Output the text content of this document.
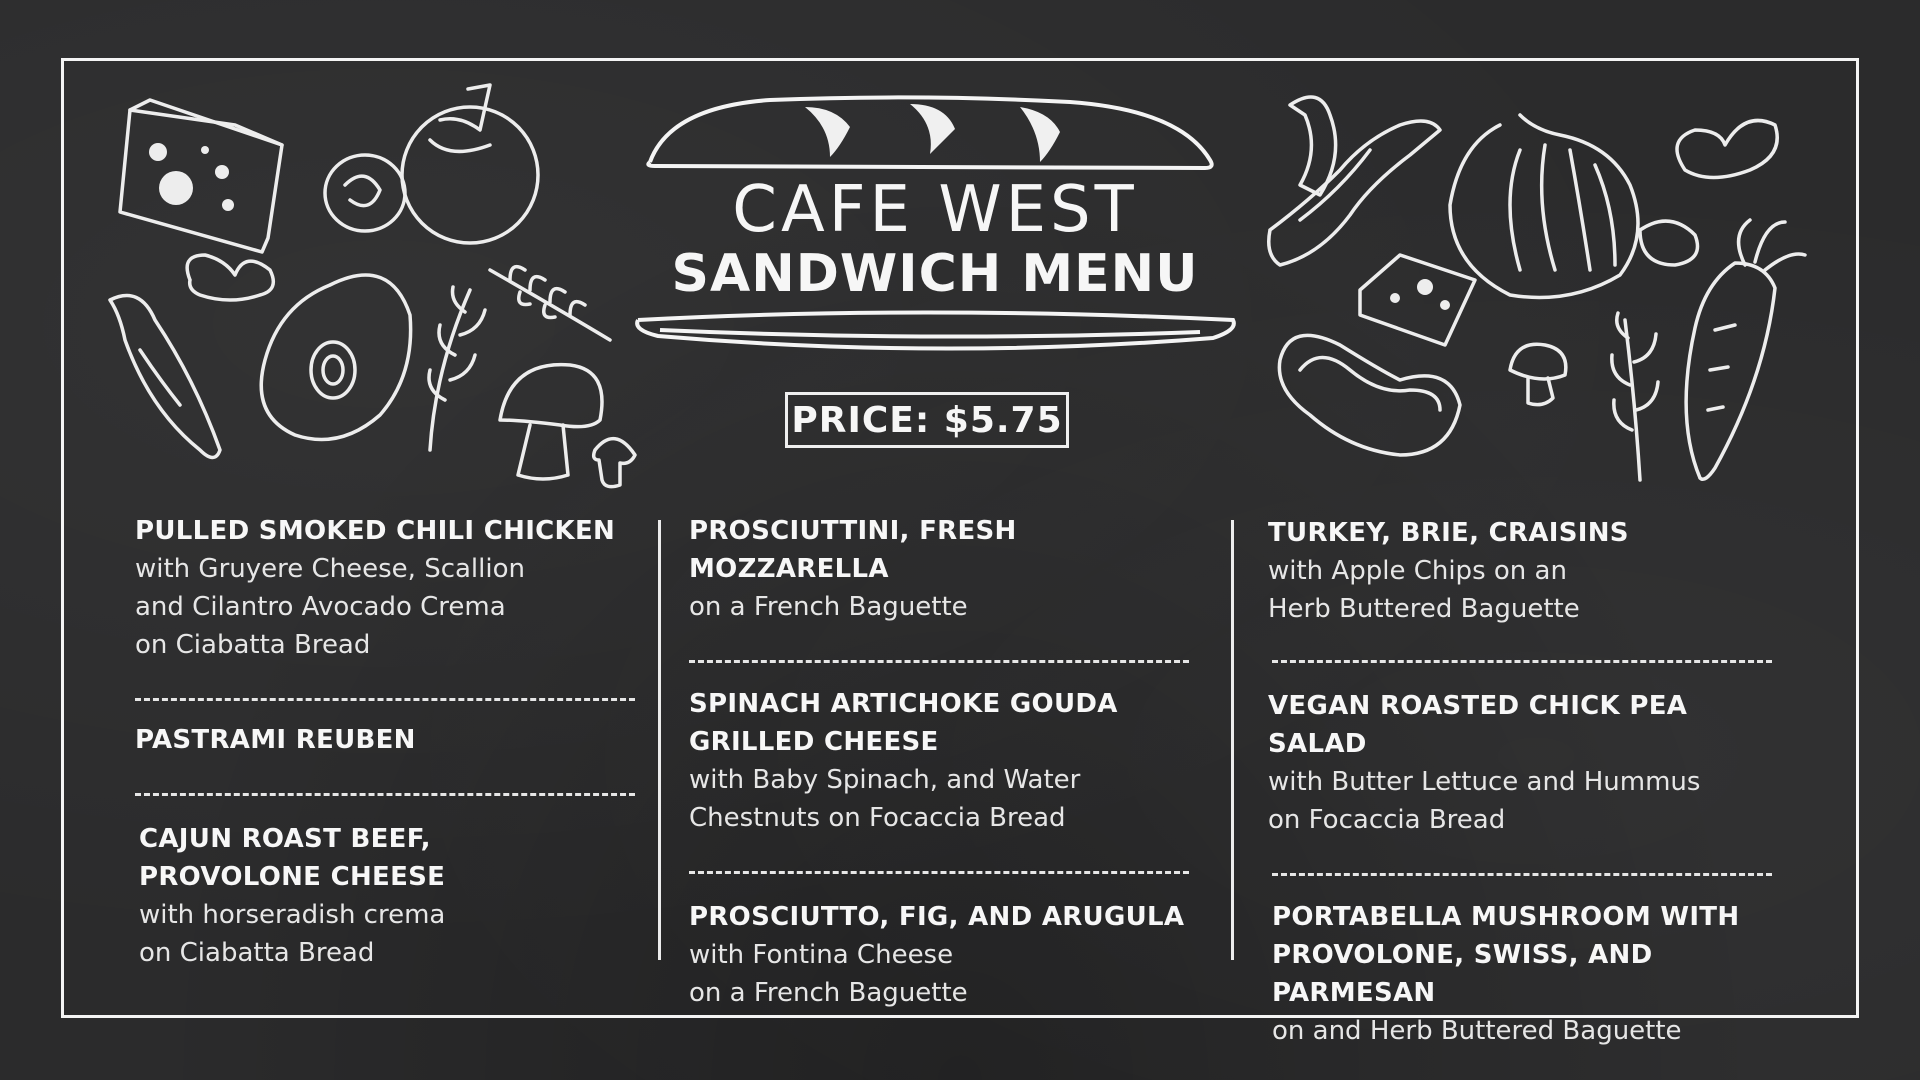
CAFE WEST
SANDWICH MENU
PRICE: $5.75
PULLED SMOKED CHILI CHICKEN
with Gruyere Cheese, Scallion
and Cilantro Avocado Crema
on Ciabatta Bread
PASTRAMI REUBEN
CAJUN ROAST BEEF,
PROVOLONE CHEESE
with horseradish crema
on Ciabatta Bread
PROSCIUTTINI, FRESH MOZZARELLA
on a French Baguette
SPINACH ARTICHOKE GOUDA
GRILLED CHEESE
with Baby Spinach, and Water
Chestnuts on Focaccia Bread
PROSCIUTTO, FIG, AND ARUGULA
with Fontina Cheese
on a French Baguette
TURKEY, BRIE, CRAISINS
with Apple Chips on an
Herb Buttered Baguette
VEGAN ROASTED CHICK PEA SALAD
with Butter Lettuce and Hummus
on Focaccia Bread
PORTABELLA MUSHROOM WITH
PROVOLONE, SWISS, AND PARMESAN
on and Herb Buttered Baguette
